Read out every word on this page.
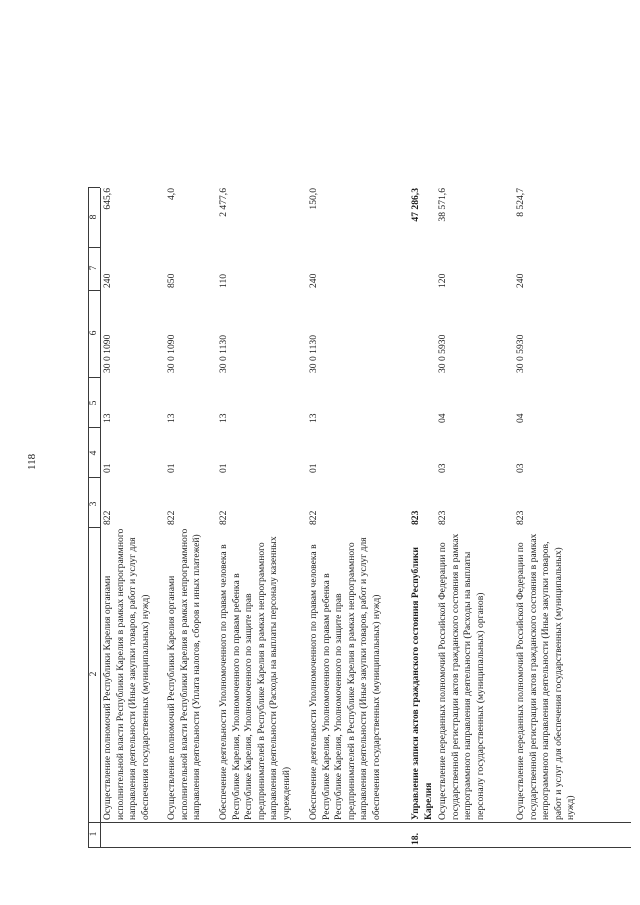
118
1
2
3
4
5
6
7
8
Осуществление полномочий Республики Карелия органами исполнительной власти Республики Карелия в рамках непрограммного направления деятельности (Иные закупки товаров, работ и услуг для обеспечения государственных (муниципальных) нужд)
822
01
13
30 0 1090
240
645,6
Осуществление полномочий Республики Карелия органами исполнительной власти Республики Карелия в рамках непрограммного направления деятельности (Уплата налогов, сборов и иных платежей)
822
01
13
30 0 1090
850
4,0
Обеспечение деятельности Уполномоченного по правам человека в Республике Карелия, Уполномоченного по правам ребенка в Республике Карелия, Уполномоченного по защите прав предпринимателей в Республике Карелия в рамках непрограммного направления деятельности (Расходы на выплаты персоналу казенных учреждений)
822
01
13
30 0 1130
110
2 477,6
Обеспечение деятельности Уполномоченного по правам человека в Республике Карелия, Уполномоченного по правам ребенка в Республике Карелия, Уполномоченного по защите прав предпринимателей в Республике Карелия в рамках непрограммного направления деятельности (Иные закупки товаров, работ и услуг для обеспечения государственных (муниципальных) нужд)
822
01
13
30 0 1130
240
150,0
18.
Управление записи актов гражданского состояния Республики Карелия
823
47 286,3
Осуществление переданных полномочий Российской Федерации по государственной регистрации актов гражданского состояния в рамках непрограммного направления деятельности (Расходы на выплаты персоналу государственных (муниципальных) органов)
823
03
04
30 0 5930
120
38 571,6
Осуществление переданных полномочий Российской Федерации по государственной регистрации актов гражданского состояния в рамках непрограммного направления деятельности (Иные закупки товаров, работ и услуг для обеспечения государственных (муниципальных) нужд)
823
03
04
30 0 5930
240
8 524,7
